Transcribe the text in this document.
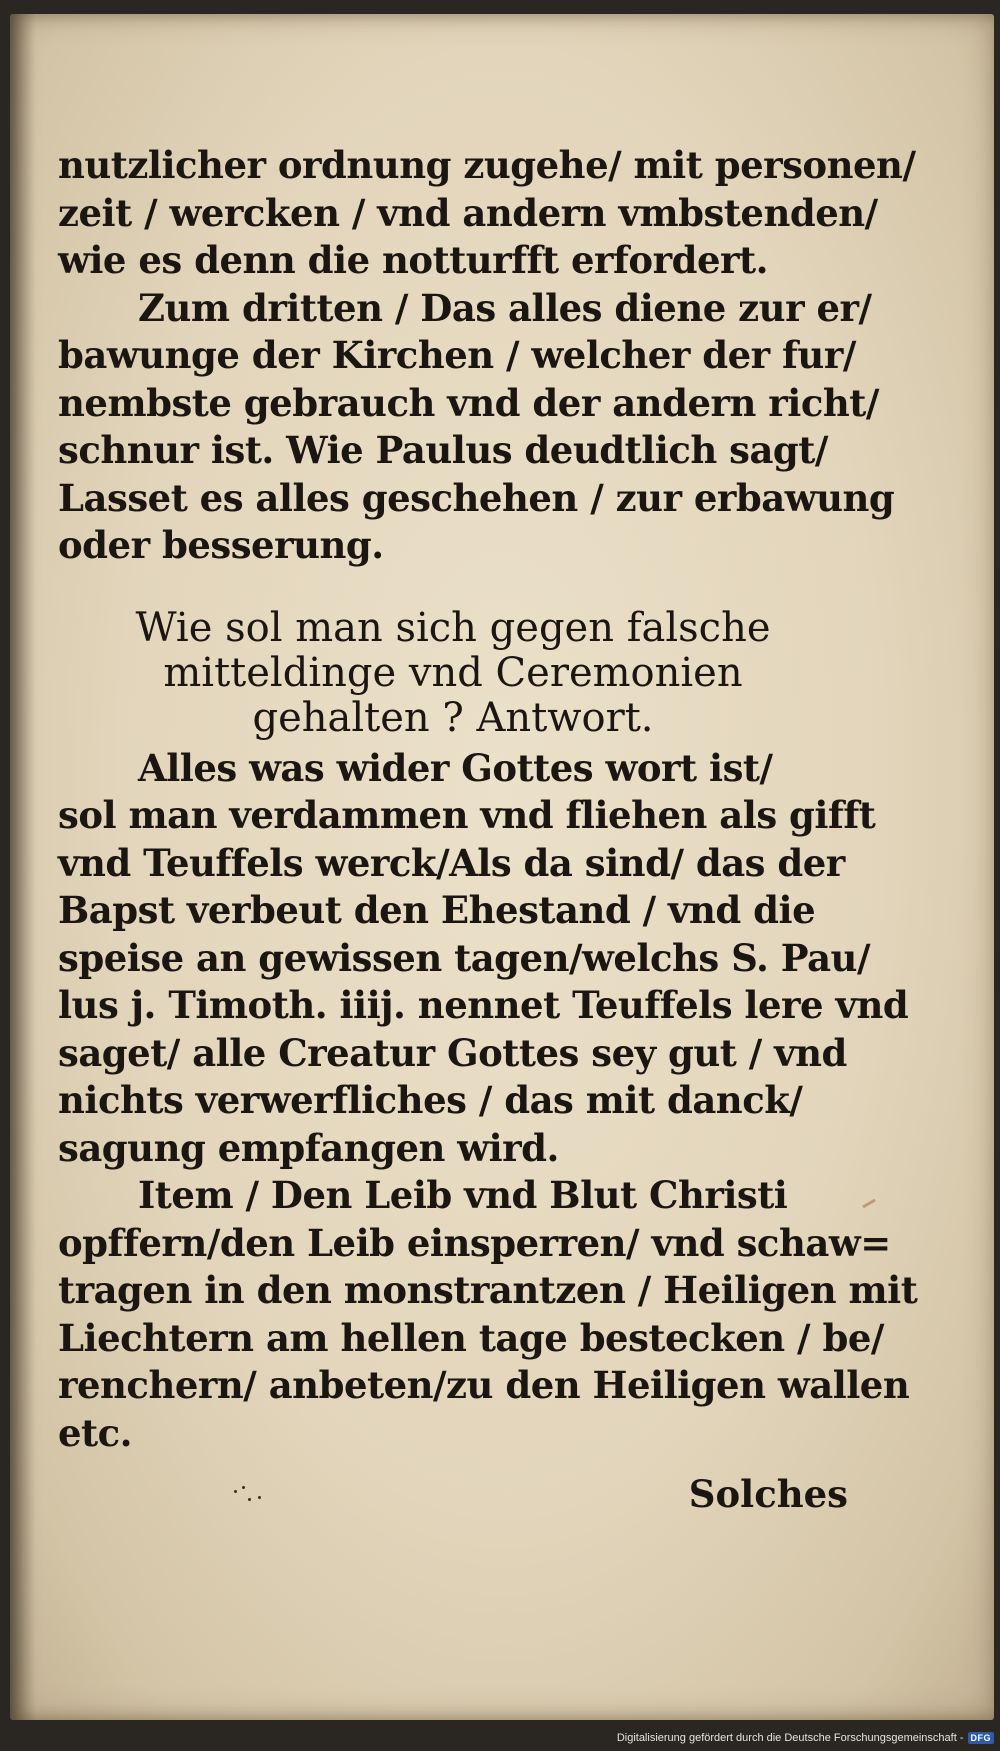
nutzlicher ordnung zugehe/ mit personen/
zeit / wercken / vnd andern vmbstenden/
wie es denn die notturfft erfordert.
Zum dritten / Das alles diene zur er/
bawunge der Kirchen / welcher der fur/
nembste gebrauch vnd der andern richt/
schnur ist. Wie Paulus deudtlich sagt/
Lasset es alles geschehen / zur erbawung
oder besserung.
Wie sol man sich gegen falsche
mitteldinge vnd Ceremonien
gehalten ? Antwort.
Alles was wider Gottes wort ist/
sol man verdammen vnd fliehen als gifft
vnd Teuffels werck/Als da sind/ das der
Bapst verbeut den Ehestand / vnd die
speise an gewissen tagen/welchs S. Pau/
lus j. Timoth. iiij. nennet Teuffels lere vnd
saget/ alle Creatur Gottes sey gut / vnd
nichts verwerfliches / das mit danck/
sagung empfangen wird.
Item / Den Leib vnd Blut Christi
opffern/den Leib einsperren/ vnd schaw=
tragen in den monstrantzen / Heiligen mit
Liechtern am hellen tage bestecken / be/
renchern/ anbeten/zu den Heiligen wallen
etc.
Solches
Digitalisierung gefördert durch die Deutsche Forschungsgemeinschaft - DFG
